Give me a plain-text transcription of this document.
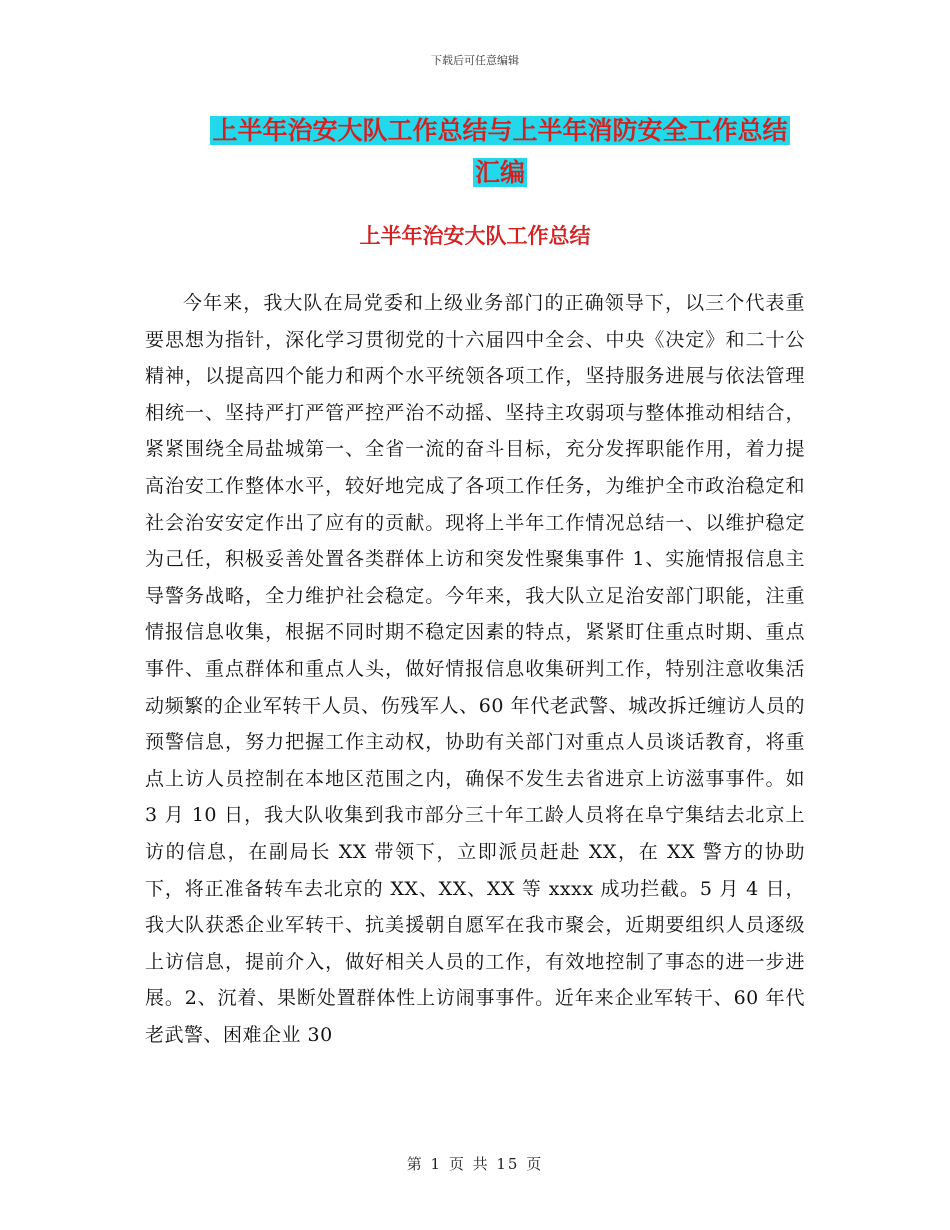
下载后可任意编辑
上半年治安大队工作总结与上半年消防安全工作总结
汇编
上半年治安大队工作总结

今年来，我大队在局党委和上级业务部门的正确领导下，以三个代表重要思想为指针，深化学习贯彻党的十六届四中全会、中央《决定》和二十公精神，以提高四个能力和两个水平统领各项工作，坚持服务进展与依法管理相统一、坚持严打严管严控严治不动摇、坚持主攻弱项与整体推动相结合，紧紧围绕全局盐城第一、全省一流的奋斗目标，充分发挥职能作用，着力提高治安工作整体水平，较好地完成了各项工作任务，为维护全市政治稳定和社会治安安定作出了应有的贡献。现将上半年工作情况总结一、以维护稳定为己任，积极妥善处置各类群体上访和突发性聚集事件 1、实施情报信息主导警务战略，全力维护社会稳定。今年来，我大队立足治安部门职能，注重情报信息收集，根据不同时期不稳定因素的特点，紧紧盯住重点时期、重点事件、重点群体和重点人头，做好情报信息收集研判工作，特别注意收集活动频繁的企业军转干人员、伤残军人、60 年代老武警、城改拆迁缠访人员的预警信息，努力把握工作主动权，协助有关部门对重点人员谈话教育，将重点上访人员控制在本地区范围之内，确保不发生去省进京上访滋事事件。如 3 月 10 日，我大队收集到我市部分三十年工龄人员将在阜宁集结去北京上访的信息，在副局长 XX 带领下，立即派员赶赴 XX，在 XX 警方的协助下，将正准备转车去北京的 XX、XX、XX 等 xxxx 成功拦截。5 月 4 日，我大队获悉企业军转干、抗美援朝自愿军在我市聚会，近期要组织人员逐级上访信息，提前介入，做好相关人员的工作，有效地控制了事态的进一步进展。2、沉着、果断处置群体性上访闹事事件。近年来企业军转干、60 年代老武警、困难企业 30

第 1 页 共 15 页
